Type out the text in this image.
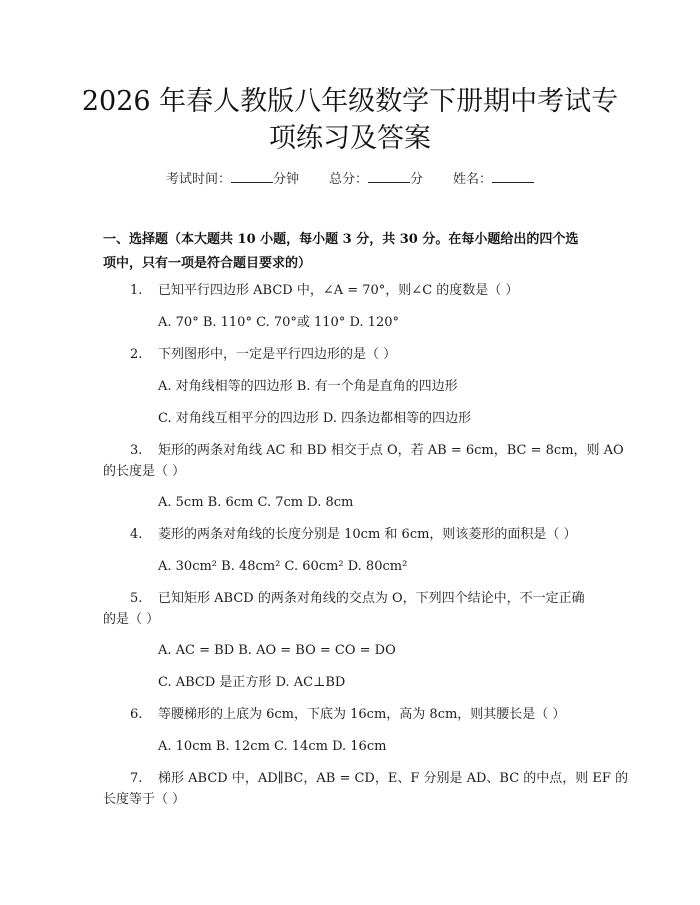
2026 年春人教版八年级数学下册期中考试专
项练习及答案
考试时间：	分钟 总分：	分 姓名：
一、选择题（本大题共 10 小题，每小题 3 分，共 30 分。在每小题给出的四个选
项中，只有一项是符合题目要求的）
1. 已知平行四边形 ABCD 中，∠A = 70°，则∠C 的度数是（ ）
A. 70° B. 110° C. 70°或 110° D. 120°
2. 下列图形中，一定是平行四边形的是（ ）
A. 对角线相等的四边形 B. 有一个角是直角的四边形
C. 对角线互相平分的四边形 D. 四条边都相等的四边形
3. 矩形的两条对角线 AC 和 BD 相交于点 O，若 AB = 6cm，BC = 8cm，则 AO
的长度是（ ）
A. 5cm B. 6cm C. 7cm D. 8cm
4. 菱形的两条对角线的长度分别是 10cm 和 6cm，则该菱形的面积是（ ）
A. 30cm² B. 48cm² C. 60cm² D. 80cm²
5. 已知矩形 ABCD 的两条对角线的交点为 O，下列四个结论中，不一定正确
的是（ ）
A. AC = BD B. AO = BO = CO = DO
C. ABCD 是正方形 D. AC⊥BD
6. 等腰梯形的上底为 6cm，下底为 16cm，高为 8cm，则其腰长是（ ）
A. 10cm B. 12cm C. 14cm D. 16cm
7. 梯形 ABCD 中，AD∥BC，AB = CD，E、F 分别是 AD、BC 的中点，则 EF 的
长度等于（ ）
